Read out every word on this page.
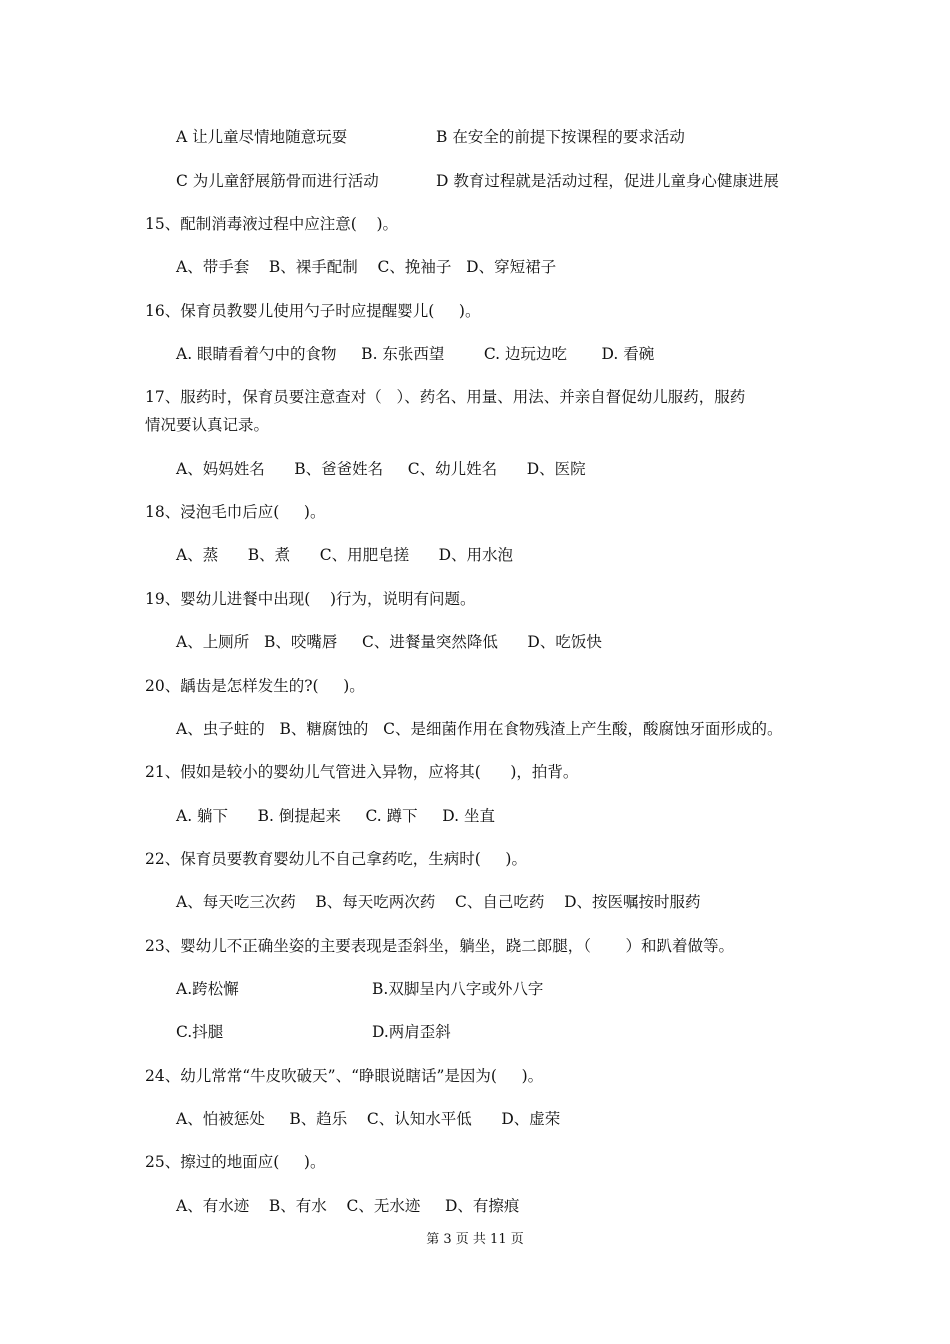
A 让儿童尽情地随意玩耍	B 在安全的前提下按课程的要求活动
C 为儿童舒展筋骨而进行活动	D 教育过程就是活动过程，促进儿童身心健康进展
15、配制消毒液过程中应注意(    )。
A、带手套    B、裸手配制    C、挽袖子   D、穿短裙子
16、保育员教婴儿使用勺子时应提醒婴儿(     )。
A. 眼睛看着勺中的食物     B. 东张西望        C. 边玩边吃       D. 看碗
17、服药时，保育员要注意查对（   ）、药名、用量、用法、并亲自督促幼儿服药，服药
情况要认真记录。
A、妈妈姓名      B、爸爸姓名     C、幼儿姓名      D、医院
18、浸泡毛巾后应(     )。
A、蒸      B、煮      C、用肥皂搓      D、用水泡
19、婴幼儿进餐中出现(    )行为，说明有问题。
A、上厕所   B、咬嘴唇     C、进餐量突然降低      D、吃饭快
20、龋齿是怎样发生的?(     )。
A、虫子蛀的   B、糖腐蚀的   C、是细菌作用在食物残渣上产生酸，酸腐蚀牙面形成的。
21、假如是较小的婴幼儿气管进入异物，应将其(      )，拍背。
A. 躺下      B. 倒提起来     C. 蹲下     D. 坐直
22、保育员要教育婴幼儿不自己拿药吃，生病时(     )。
A、每天吃三次药    B、每天吃两次药    C、自己吃药    D、按医嘱按时服药
23、婴幼儿不正确坐姿的主要表现是歪斜坐，躺坐，跷二郎腿，（       ）和趴着做等。
A.跨松懈	B.双脚呈内八字或外八字
C.抖腿	D.两肩歪斜
24、幼儿常常“牛皮吹破天”、“睁眼说瞎话”是因为(     )。
A、怕被惩处     B、趋乐    C、认知水平低      D、虚荣
25、擦过的地面应(     )。
A、有水迹    B、有水    C、无水迹     D、有擦痕
第 3 页 共 11 页
